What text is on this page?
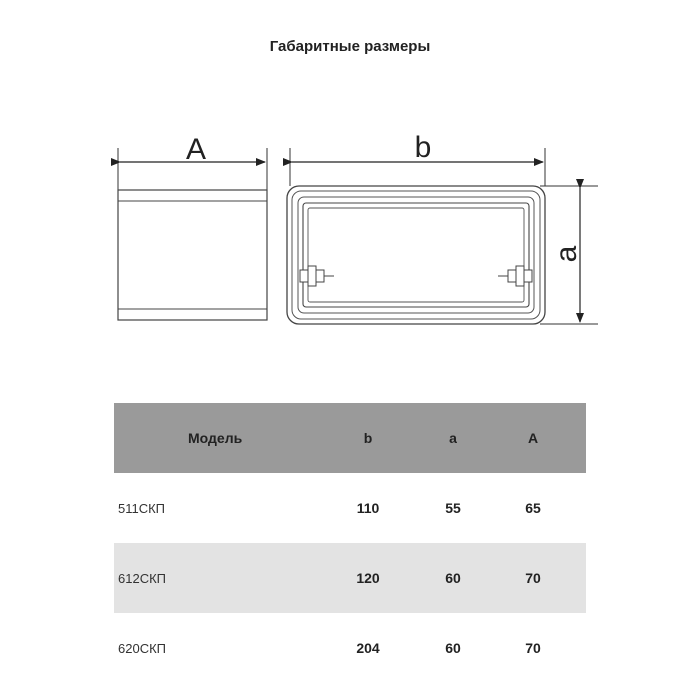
Габаритные размеры
A	b
a
Модель	b	a	A
511СКП	110	55	65
612СКП	120	60	70
620СКП	204	60	70
